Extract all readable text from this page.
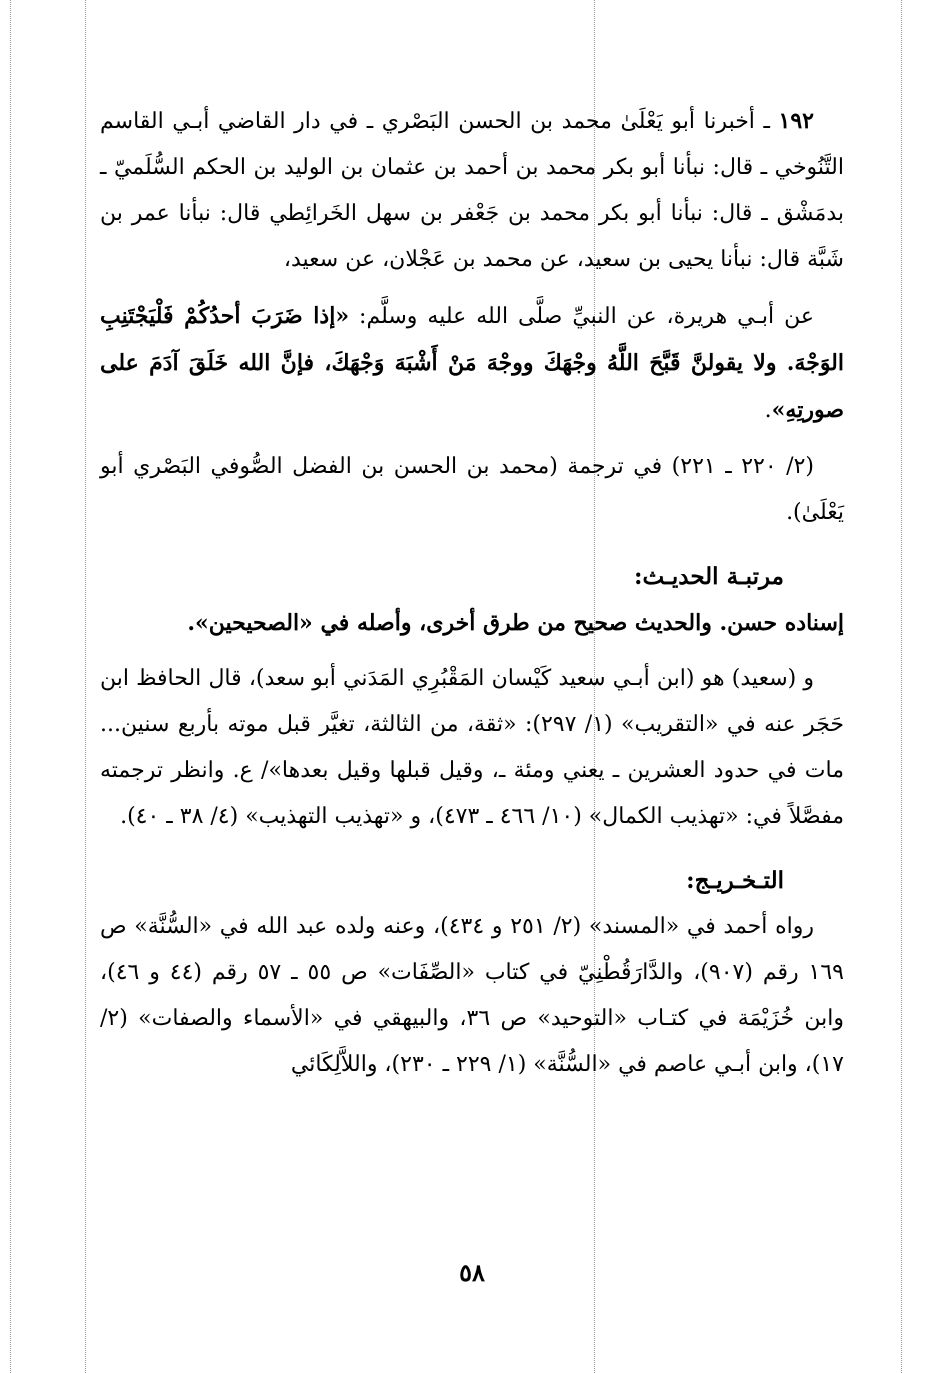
١٩٢ ـ أخبرنا أبو يَعْلَىٰ محمد بن الحسن البَصْري ـ في دار القاضي أبـي القاسم التَّنُوخي ـ قال: نبأنا أبو بكر محمد بن أحمد بن عثمان بن الوليد بن الحكم السُّلَميّ ـ بدمَشْق ـ قال: نبأنا أبو بكر محمد بن جَعْفر بن سهل الخَرائِطي قال: نبأنا عمر بن شَبَّة قال: نبأنا يحيى بن سعيد، عن محمد بن عَجْلان، عن سعيد،

عن أبـي هريرة، عن النبيِّ صلَّى الله عليه وسلَّم: «إذا ضَرَبَ أحدُكُمْ فَلْيَجْتَنِبِ الوَجْهَ. ولا يقولنَّ قَبَّحَ اللَّهُ وجْهَكَ ووجْهَ مَنْ أَشْبَهَ وَجْهَكَ، فإنَّ الله خَلَقَ آدَمَ على صورتِهِ».

(٢/ ٢٢٠ ـ ٢٢١) في ترجمة (محمد بن الحسن بن الفضل الصُّوفي البَصْري أبو يَعْلَىٰ).

مرتبـة الحديـث:

إسناده حسن. والحديث صحيح من طرق أخرى، وأصله في «الصحيحين».

و (سعيد) هو (ابن أبـي سعيد كَيْسان المَقْبُرِي المَدَني أبو سعد)، قال الحافظ ابن حَجَر عنه في «التقريب» (١/ ٢٩٧): «ثقة، من الثالثة، تغيَّر قبل موته بأربع سنين... مات في حدود العشرين ـ يعني ومئة ـ، وقيل قبلها وقيل بعدها»/ ع. وانظر ترجمته مفصَّلاً في: «تهذيب الكمال» (١٠/ ٤٦٦ ـ ٤٧٣)، و «تهذيب التهذيب» (٤/ ٣٨ ـ ٤٠).

التـخـريـج:

رواه أحمد في «المسند» (٢/ ٢٥١ و ٤٣٤)، وعنه ولده عبد الله في «السُّنَّة» ص ١٦٩ رقم (٩٠٧)، والدَّارَقُطْنِيّ في كتاب «الصِّفَات» ص ٥٥ ـ ٥٧ رقم (٤٤ و ٤٦)، وابن خُزَيْمَة في كتـاب «التوحيد» ص ٣٦، والبيهقي في «الأسماء والصفات» (٢/ ١٧)، وابن أبـي عاصم في «السُّنَّة» (١/ ٢٢٩ ـ ٢٣٠)، واللاَّلِكَائي

٥٨
